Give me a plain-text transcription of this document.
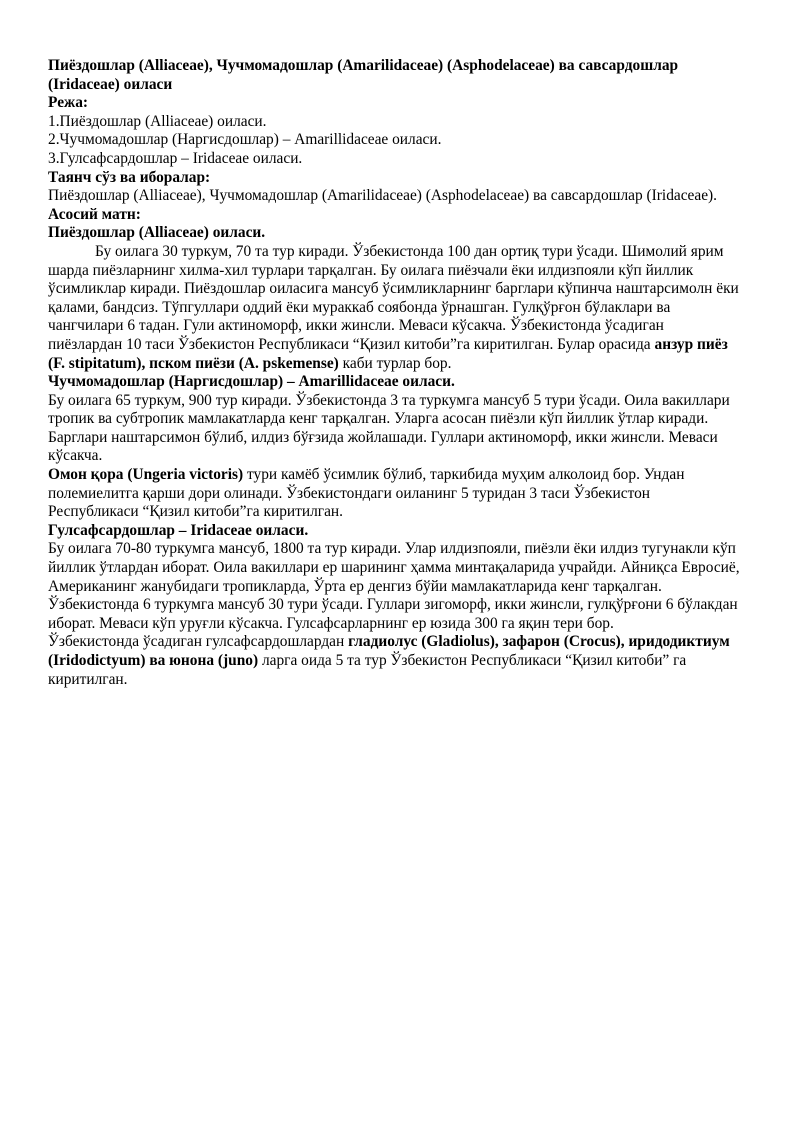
Пиёздошлар (Alliaceae), Чучмомадошлар (Amarilidaceae) (Asphodelaceae) ва савсардошлар (Iridaceae) оиласи

Режа:

1.Пиёздошлар (Alliaceae) оиласи.

2.Чучмомадошлар (Наргисдошлар) – Amarillidaceae оиласи.

3.Гулсафсардошлар – Iridaceae оиласи.

Таянч сўз ва иборалар:

Пиёздошлар (Alliaceae), Чучмомадошлар (Amarilidaceae) (Asphodelaceae) ва савсардошлар (Iridaceae).

Асосий матн:

Пиёздошлар (Alliaceae) оиласи.

Бу оилага 30 туркум, 70 та тур киради. Ўзбекистонда 100 дан ортиқ тури ўсади. Шимолий ярим шарда пиёзларнинг хилма-хил турлари тарқалган. Бу оилага пиёзчали ёки илдизпояли кўп йиллик ўсимликлар киради. Пиёздошлар оиласига мансуб ўсимликларнинг барглари кўпинча наштарсимолн ёки қалами, бандсиз. Тўпгуллари оддий ёки мураккаб соябонда ўрнашган. Гулқўрғон бўлаклари ва чангчилари 6 тадан. Гули актиноморф, икки жинсли. Меваси кўсакча. Ўзбекистонда ўсадиган пиёзлардан 10 таси Ўзбекистон Республикаси “Қизил китоби”га киритилган. Булар орасида анзур пиёз (F. stipitatum), пском пиёзи (A. pskemense) каби турлар бор.

Чучмомадошлар (Наргисдошлар) – Amarillidaceae оиласи.

Бу оилага 65 туркум, 900 тур киради. Ўзбекистонда 3 та туркумга мансуб 5 тури ўсади. Оила вакиллари тропик ва субтропик мамлакатларда кенг тарқалган. Уларга асосан пиёзли кўп йиллик ўтлар киради. Барглари наштарсимон бўлиб, илдиз бўғзида жойлашади. Гуллари актиноморф, икки жинсли. Меваси кўсакча.

Омон қора (Ungeria victoris) тури камёб ўсимлик бўлиб, таркибида муҳим алколоид бор. Ундан полемиелитга қарши дори олинади. Ўзбекистондаги оиланинг 5 туридан 3 таси Ўзбекистон Республикаси “Қизил китоби”га киритилган.

Гулсафсардошлар – Iridaceae оиласи.

Бу оилага 70-80 туркумга мансуб, 1800 та тур киради. Улар илдизпояли, пиёзли ёки илдиз тугунакли кўп йиллик ўтлардан иборат. Оила вакиллари ер шарининг ҳамма минтақаларида учрайди. Айниқса Евросиё, Американинг жанубидаги тропикларда, Ўрта ер денгиз бўйи мамлакатларида кенг тарқалган. Ўзбекистонда 6 туркумга мансуб 30 тури ўсади. Гуллари зигоморф, икки жинсли, гулқўрғони 6 бўлакдан иборат. Меваси кўп уруғли кўсакча. Гулсафсарларнинг ер юзида 300 га яқин тери бор.

Ўзбекистонда ўсадиган гулсафсардошлардан гладиолус (Gladiolus), зафарон (Crocus), иридодиктиум (Iridodictyum) ва юнона (juno) ларга оида 5 та тур Ўзбекистон Республикаси “Қизил китоби” га киритилган.
